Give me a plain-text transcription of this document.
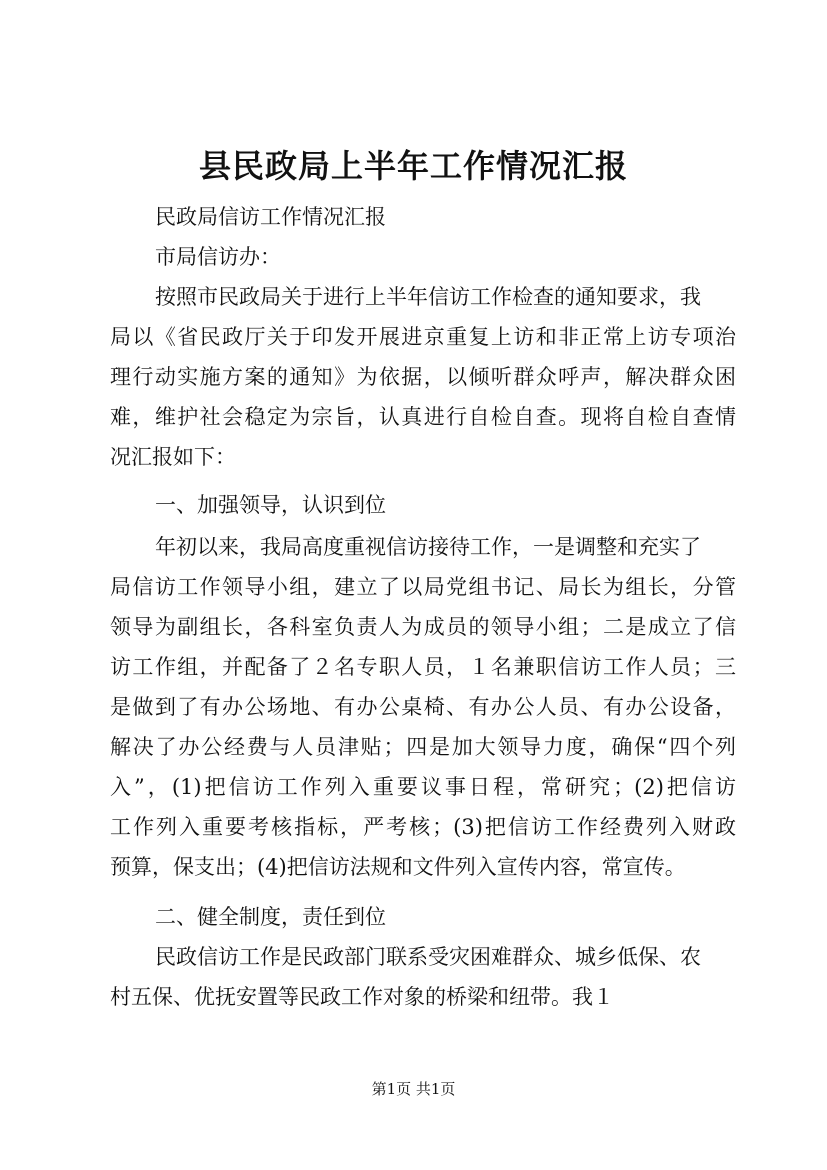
县民政局上半年工作情况汇报
民政局信访工作情况汇报
市局信访办：
按照市民政局关于进行上半年信访工作检查的通知要求，我
局以《省民政厅关于印发开展进京重复上访和非正常上访专项治
理行动实施方案的通知》为依据，以倾听群众呼声，解决群众困
难，维护社会稳定为宗旨，认真进行自检自查。现将自检自查情
况汇报如下：
一、加强领导，认识到位
年初以来，我局高度重视信访接待工作，一是调整和充实了
局信访工作领导小组，建立了以局党组书记、局长为组长，分管
领导为副组长，各科室负责人为成员的领导小组；二是成立了信
访工作组，并配备了２名专职人员，１名兼职信访工作人员；三
是做到了有办公场地、有办公桌椅、有办公人员、有办公设备，
解决了办公经费与人员津贴；四是加大领导力度，确保“四个列
入”，(1)把信访工作列入重要议事日程，常研究；(2)把信访
工作列入重要考核指标，严考核；(3)把信访工作经费列入财政
预算，保支出；(4)把信访法规和文件列入宣传内容，常宣传。
二、健全制度，责任到位
民政信访工作是民政部门联系受灾困难群众、城乡低保、农
村五保、优抚安置等民政工作对象的桥梁和纽带。我１
第1页 共1页
